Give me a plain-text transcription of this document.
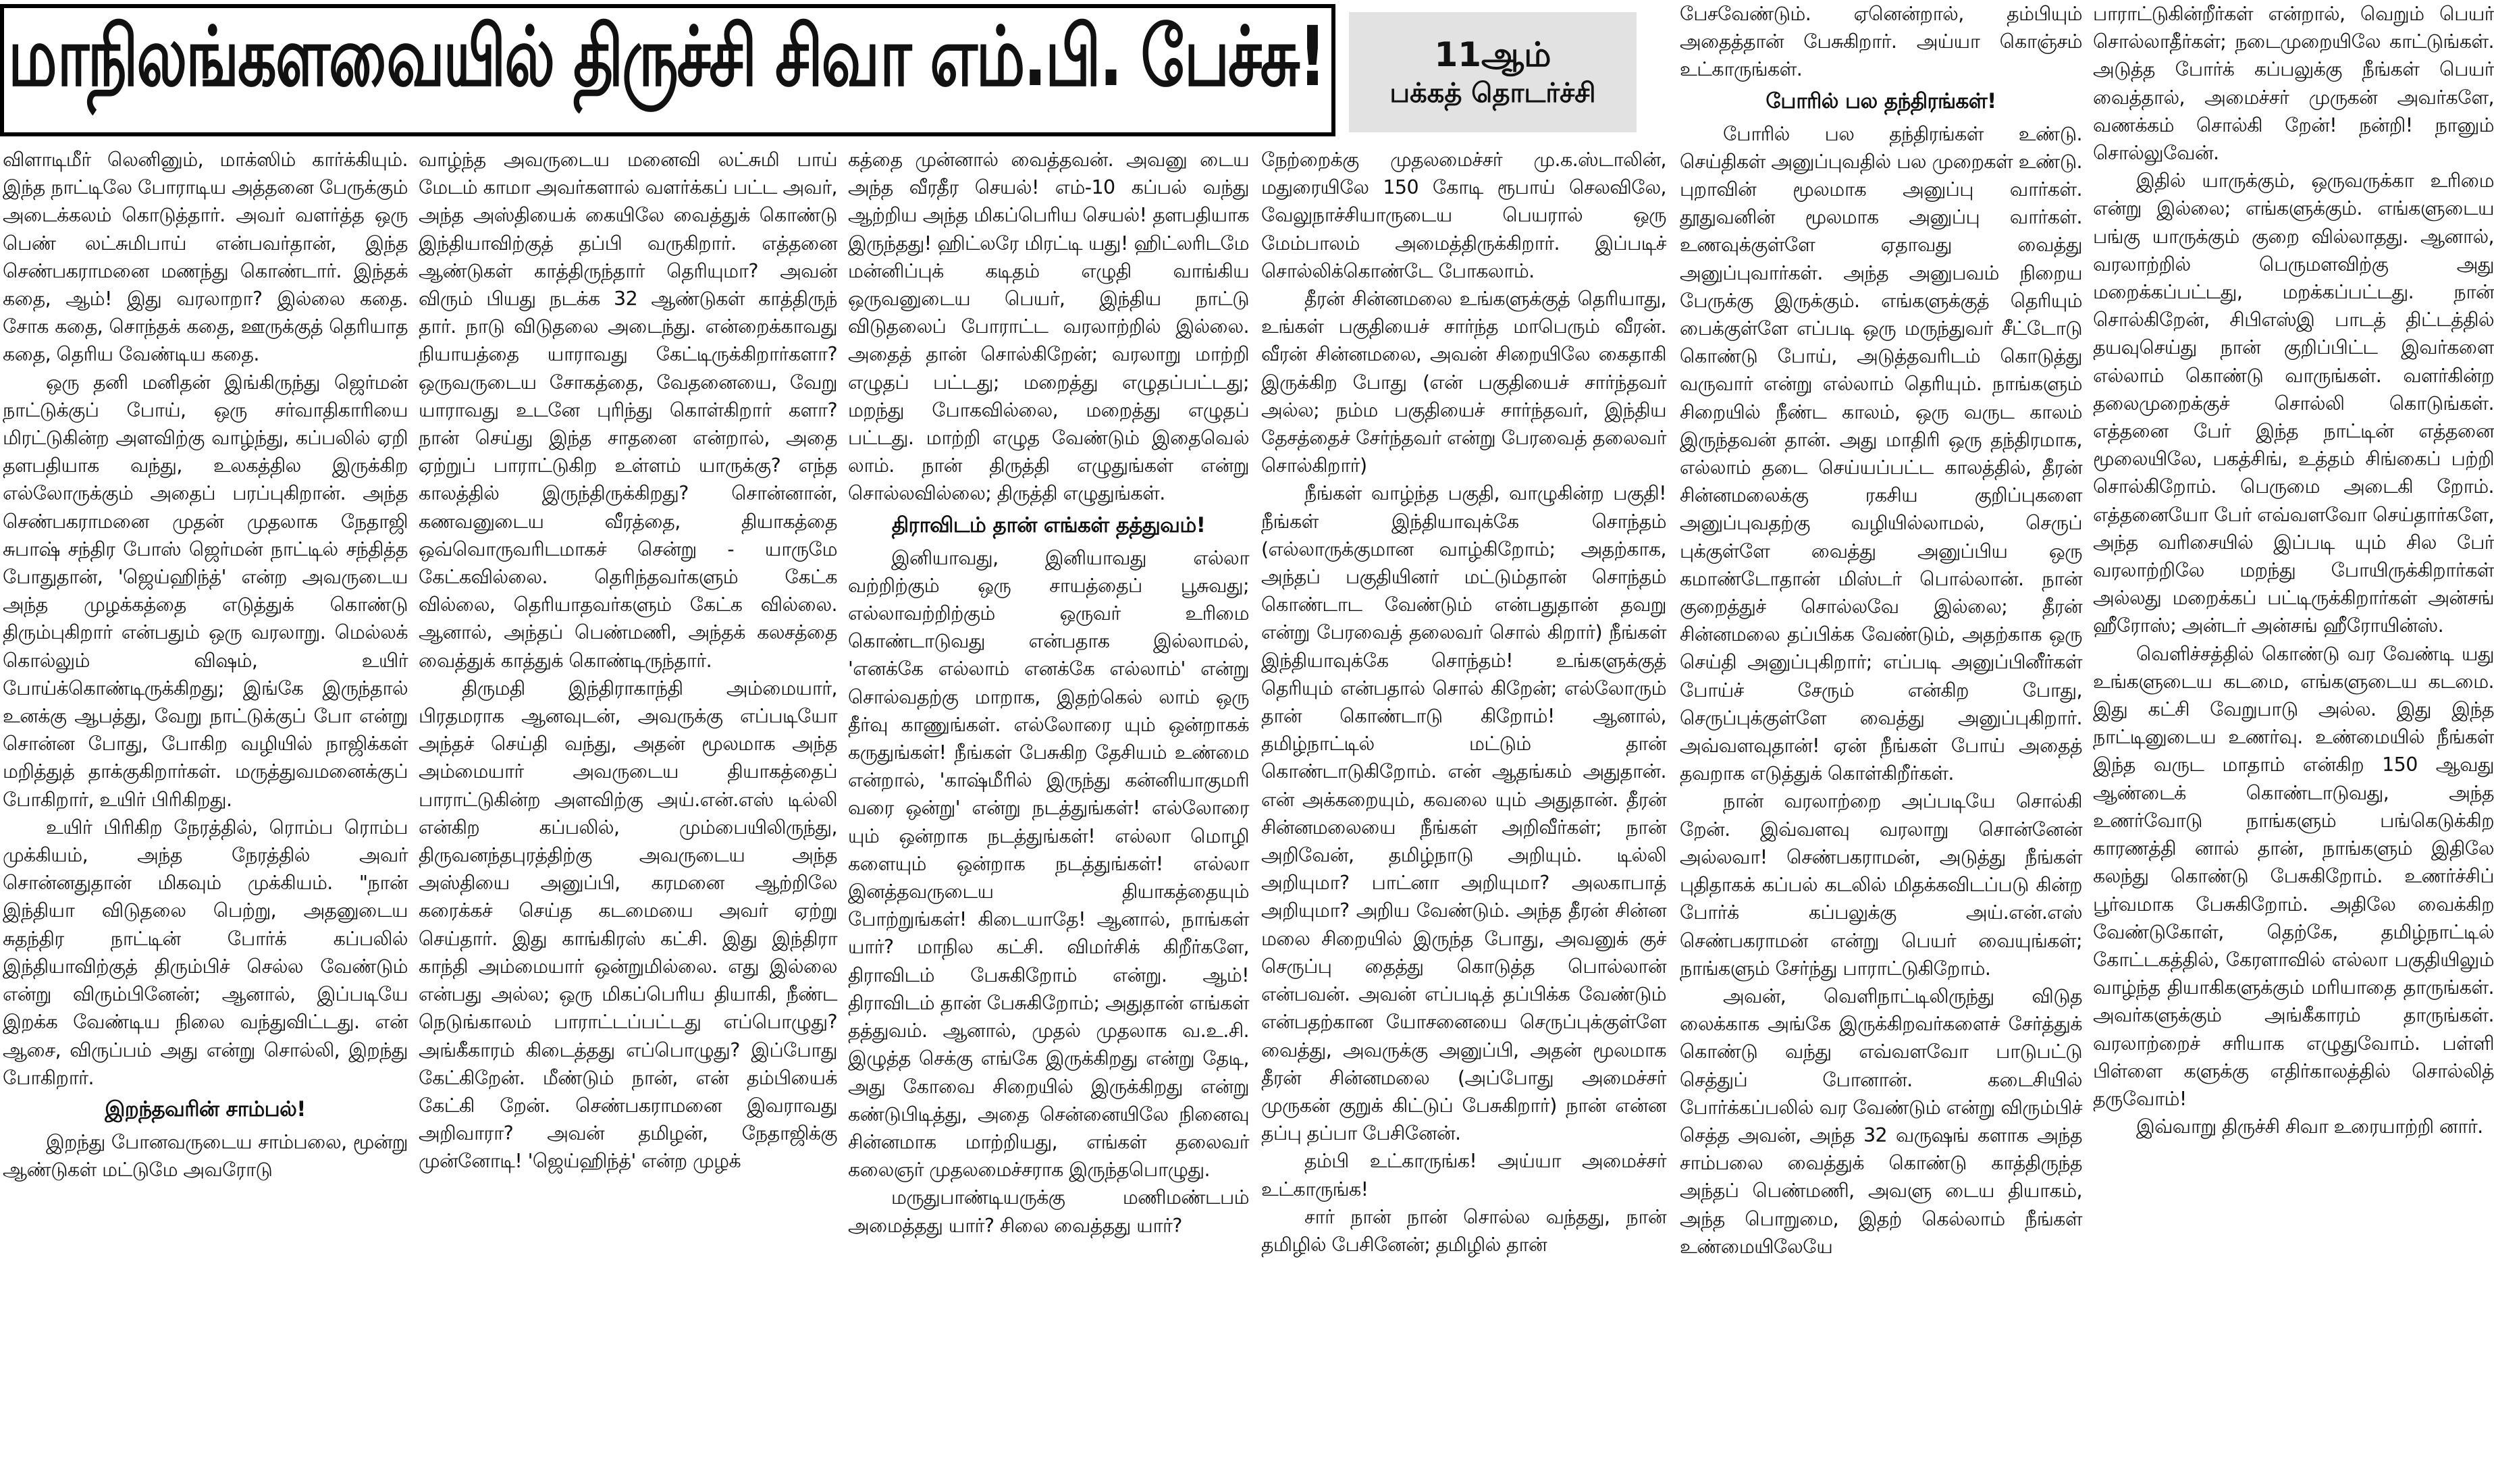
மாநிலங்களவையில் திருச்சி சிவா எம்.பி. பேச்சு!	11ஆம்
பக்கத் தொடர்ச்சி

விளாடிமீர் லெனினும், மாக்ஸிம் கார்க்கியும். இந்த நாட்டிலே போராடிய அத்தனை பேருக்கும் அடைக்கலம் கொடுத்தார். அவர் வளர்த்த ஒரு பெண் லட்சுமிபாய் என்பவர்தான், இந்த செண்பகராமனை மணந்து கொண்டார். இந்தக் கதை, ஆம்! இது வரலாறா? இல்லை கதை. சோக கதை, சொந்தக் கதை, ஊருக்குத் தெரியாத கதை, தெரிய வேண்டிய கதை.

ஒரு தனி மனிதன் இங்கிருந்து ஜெர்மன் நாட்டுக்குப் போய், ஒரு சர்வாதிகாரியை மிரட்டுகின்ற அளவிற்கு வாழ்ந்து, கப்பலில் ஏறி தளபதியாக வந்து, உலகத்தில இருக்கிற எல்லோருக்கும் அதைப் பரப்புகிறான். அந்த செண்பகராமனை முதன் முதலாக நேதாஜி சுபாஷ் சந்திர போஸ் ஜெர்மன் நாட்டில் சந்தித்த போதுதான், 'ஜெய்ஹிந்த்' என்ற அவருடைய அந்த முழக்கத்தை எடுத்துக் கொண்டு திரும்புகிறார் என்பதும் ஒரு வரலாறு. மெல்லக் கொல்லும் விஷம், உயிர் போய்க்கொண்டிருக்கிறது; இங்கே இருந்தால் உனக்கு ஆபத்து, வேறு நாட்டுக்குப் போ என்று சொன்ன போது, போகிற வழியில் நாஜிக்கள் மறித்துத் தாக்குகிறார்கள். மருத்துவமனைக்குப் போகிறார், உயிர் பிரிகிறது.

உயிர் பிரிகிற நேரத்தில், ரொம்ப ரொம்ப முக்கியம், அந்த நேரத்தில் அவர் சொன்னதுதான் மிகவும் முக்கியம். "நான் இந்தியா விடுதலை பெற்று, அதனுடைய சுதந்திர நாட்டின் போர்க் கப்பலில் இந்தியாவிற்குத் திரும்பிச் செல்ல வேண்டும் என்று விரும்பினேன்; ஆனால், இப்படியே இறக்க வேண்டிய நிலை வந்துவிட்டது. என் ஆசை, விருப்பம் அது என்று சொல்லி, இறந்து போகிறார்.

இறந்தவரின் சாம்பல்!

இறந்து போனவருடைய சாம்பலை, மூன்று ஆண்டுகள் மட்டுமே அவரோடு

வாழ்ந்த அவருடைய மனைவி லட்சுமி பாய் மேடம் காமா அவர்களால் வளர்க்கப் பட்ட அவர், அந்த அஸ்தியைக் கையிலே வைத்துக் கொண்டு இந்தியாவிற்குத் தப்பி வருகிறார். எத்தனை ஆண்டுகள் காத்திருந்தார் தெரியுமா? அவன் விரும் பியது நடக்க 32 ஆண்டுகள் காத்திருந் தார். நாடு விடுதலை அடைந்து. என்றைக்காவது நியாயத்தை யாராவது கேட்டிருக்கிறார்களா? ஒருவருடைய சோகத்தை, வேதனையை, வேறு யாராவது உடனே புரிந்து கொள்கிறார் களா? நான் செய்து இந்த சாதனை என்றால், அதை ஏற்றுப் பாராட்டுகிற உள்ளம் யாருக்கு? எந்த காலத்தில் இருந்திருக்கிறது? சொன்னான், கணவனுடைய வீரத்தை, தியாகத்தை ஒவ்வொருவரிடமாகச் சென்று - யாருமே கேட்கவில்லை. தெரிந்தவர்களும் கேட்க வில்லை, தெரியாதவர்களும் கேட்க வில்லை. ஆனால், அந்தப் பெண்மணி, அந்தக் கலசத்தை வைத்துக் காத்துக் கொண்டிருந்தார்.

திருமதி இந்திராகாந்தி அம்மையார், பிரதமராக ஆனவுடன், அவருக்கு எப்படியோ அந்தச் செய்தி வந்து, அதன் மூலமாக அந்த அம்மையார் அவருடைய தியாகத்தைப் பாராட்டுகின்ற அளவிற்கு அய்.என்.எஸ் டில்லி என்கிற கப்பலில், மும்பையிலிருந்து, திருவனந்தபுரத்திற்கு அவருடைய அந்த அஸ்தியை அனுப்பி, கரமனை ஆற்றிலே கரைக்கச் செய்த கடமையை அவர் ஏற்று செய்தார். இது காங்கிரஸ் கட்சி. இது இந்திரா காந்தி அம்மையார் ஒன்றுமில்லை. எது இல்லை என்பது அல்ல; ஒரு மிகப்பெரிய தியாகி, நீண்ட நெடுங்காலம் பாராட்டப்பட்டது எப்பொழுது? அங்கீகாரம் கிடைத்தது எப்பொழுது? இப்போது கேட்கிறேன். மீண்டும் நான், என் தம்பியைக் கேட்கி றேன். செண்பகராமனை இவராவது அறிவாரா? அவன் தமிழன், நேதாஜிக்கு முன்னோடி! 'ஜெய்ஹிந்த்' என்ற முழக்

கத்தை முன்னால் வைத்தவன். அவனு டைய அந்த வீரதீர செயல்! எம்-10 கப்பல் வந்து ஆற்றிய அந்த மிகப்பெரிய செயல்! தளபதியாக இருந்தது! ஹிட்லரே மிரட்டி யது! ஹிட்லரிடமே மன்னிப்புக் கடிதம் எழுதி வாங்கிய ஒருவனுடைய பெயர், இந்திய நாட்டு விடுதலைப் போராட்ட வரலாற்றில் இல்லை. அதைத் தான் சொல்கிறேன்; வரலாறு மாற்றி எழுதப் பட்டது; மறைத்து எழுதப்பட்டது; மறந்து போகவில்லை, மறைத்து எழுதப் பட்டது. மாற்றி எழுத வேண்டும் இதைவெல் லாம். நான் திருத்தி எழுதுங்கள் என்று சொல்லவில்லை; திருத்தி எழுதுங்கள்.

திராவிடம் தான் எங்கள் தத்துவம்!

இனியாவது, இனியாவது எல்லா வற்றிற்கும் ஒரு சாயத்தைப் பூசுவது; எல்லாவற்றிற்கும் ஒருவர் உரிமை கொண்டாடுவது என்பதாக இல்லாமல், 'எனக்கே எல்லாம் எனக்கே எல்லாம்' என்று சொல்வதற்கு மாறாக, இதற்கெல் லாம் ஒரு தீர்வு காணுங்கள். எல்லோரை யும் ஒன்றாகக் கருதுங்கள்! நீங்கள் பேசுகிற தேசியம் உண்மை என்றால், 'காஷ்மீரில் இருந்து கன்னியாகுமரி வரை ஒன்று' என்று நடத்துங்கள்! எல்லோரை யும் ஒன்றாக நடத்துங்கள்! எல்லா மொழி களையும் ஒன்றாக நடத்துங்கள்! எல்லா இனத்தவருடைய தியாகத்தையும் போற்றுங்கள்! கிடையாதே! ஆனால், நாங்கள் யார்? மாநில கட்சி. விமர்சிக் கிறீர்களே, திராவிடம் பேசுகிறோம் என்று. ஆம்! திராவிடம் தான் பேசுகிறோம்; அதுதான் எங்கள் தத்துவம். ஆனால், முதல் முதலாக வ.உ.சி. இழுத்த செக்கு எங்கே இருக்கிறது என்று தேடி, அது கோவை சிறையில் இருக்கிறது என்று கண்டுபிடித்து, அதை சென்னையிலே நினைவு சின்னமாக மாற்றியது, எங்கள் தலைவர் கலைஞர் முதலமைச்சராக இருந்தபொழுது.

மருதுபாண்டியருக்கு மணிமண்டபம் அமைத்தது யார்? சிலை வைத்தது யார்?

நேற்றைக்கு முதலமைச்சர் மு.க.ஸ்டாலின், மதுரையிலே 150 கோடி ரூபாய் செலவிலே, வேலுநாச்சியாருடைய பெயரால் ஒரு மேம்பாலம் அமைத்திருக்கிறார். இப்படிச் சொல்லிக்கொண்டே போகலாம்.

தீரன் சின்னமலை உங்களுக்குத் தெரியாது, உங்கள் பகுதியைச் சார்ந்த மாபெரும் வீரன். வீரன் சின்னமலை, அவன் சிறையிலே கைதாகி இருக்கிற போது (என் பகுதியைச் சார்ந்தவர் அல்ல; நம்ம பகுதியைச் சார்ந்தவர், இந்திய தேசத்தைச் சேர்ந்தவர் என்று பேரவைத் தலைவர் சொல்கிறார்)

நீங்கள் வாழ்ந்த பகுதி, வாழுகின்ற பகுதி! நீங்கள் இந்தியாவுக்கே சொந்தம் (எல்லாருக்குமான வாழ்கிறோம்; அதற்காக, அந்தப் பகுதியினர் மட்டும்தான் சொந்தம் கொண்டாட வேண்டும் என்பதுதான் தவறு என்று பேரவைத் தலைவர் சொல் கிறார்) நீங்கள் இந்தியாவுக்கே சொந்தம்! உங்களுக்குத் தெரியும் என்பதால் சொல் கிறேன்; எல்லோரும் தான் கொண்டாடு கிறோம்! ஆனால், தமிழ்நாட்டில் மட்டும் தான் கொண்டாடுகிறோம். என் ஆதங்கம் அதுதான். என் அக்கறையும், கவலை யும் அதுதான். தீரன் சின்னமலையை நீங்கள் அறிவீர்கள்; நான் அறிவேன், தமிழ்நாடு அறியும். டில்லி அறியுமா? பாட்னா அறியுமா? அலகாபாத் அறியுமா? அறிய வேண்டும். அந்த தீரன் சின்ன மலை சிறையில் இருந்த போது, அவனுக் குச் செருப்பு தைத்து கொடுத்த பொல்லான் என்பவன். அவன் எப்படித் தப்பிக்க வேண்டும் என்பதற்கான யோசனையை செருப்புக்குள்ளே வைத்து, அவருக்கு அனுப்பி, அதன் மூலமாக தீரன் சின்னமலை (அப்போது அமைச்சர் முருகன் குறுக் கிட்டுப் பேசுகிறார்) நான் என்ன தப்பு தப்பா பேசினேன்.

தம்பி உட்காருங்க! அய்யா அமைச்சர் உட்காருங்க!

சார் நான் நான் சொல்ல வந்தது, நான் தமிழில் பேசினேன்; தமிழில் தான்

பேசவேண்டும். ஏனென்றால், தம்பியும் அதைத்தான் பேசுகிறார். அய்யா கொஞ்சம் உட்காருங்கள்.

போரில் பல தந்திரங்கள்!

போரில் பல தந்திரங்கள் உண்டு. செய்திகள் அனுப்புவதில் பல முறைகள் உண்டு. புறாவின் மூலமாக அனுப்பு வார்கள். தூதுவனின் மூலமாக அனுப்பு வார்கள். உணவுக்குள்ளே ஏதாவது வைத்து அனுப்புவார்கள். அந்த அனுபவம் நிறைய பேருக்கு இருக்கும். எங்களுக்குத் தெரியும் பைக்குள்ளே எப்படி ஒரு மருந்துவர் சீட்டோடு கொண்டு போய், அடுத்தவரிடம் கொடுத்து வருவார் என்று எல்லாம் தெரியும். நாங்களும் சிறையில் நீண்ட காலம், ஒரு வருட காலம் இருந்தவன் தான். அது மாதிரி ஒரு தந்திரமாக, எல்லாம் தடை செய்யப்பட்ட காலத்தில், தீரன் சின்னமலைக்கு ரகசிய குறிப்புகளை அனுப்புவதற்கு வழியில்லாமல், செருப் புக்குள்ளே வைத்து அனுப்பிய ஒரு கமாண்டோதான் மிஸ்டர் பொல்லான். நான் குறைத்துச் சொல்லவே இல்லை; தீரன் சின்னமலை தப்பிக்க வேண்டும், அதற்காக ஒரு செய்தி அனுப்புகிறார்; எப்படி அனுப்பினீர்கள் போய்ச் சேரும் என்கிற போது, செருப்புக்குள்ளே வைத்து அனுப்புகிறார். அவ்வளவுதான்! ஏன் நீங்கள் போய் அதைத் தவறாக எடுத்துக் கொள்கிறீர்கள்.

நான் வரலாற்றை அப்படியே சொல்கி றேன். இவ்வளவு வரலாறு சொன்னேன் அல்லவா! செண்பகராமன், அடுத்து நீங்கள் புதிதாகக் கப்பல் கடலில் மிதக்கவிடப்படு கின்ற போர்க் கப்பலுக்கு அய்.என்.எஸ் செண்பகராமன் என்று பெயர் வையுங்கள்; நாங்களும் சேர்ந்து பாராட்டுகிறோம்.

அவன், வெளிநாட்டிலிருந்து விடுத லைக்காக அங்கே இருக்கிறவர்களைச் சேர்த்துக் கொண்டு வந்து எவ்வளவோ பாடுபட்டு செத்துப் போனான். கடைசியில் போர்க்கப்பலில் வர வேண்டும் என்று விரும்பிச் செத்த அவன், அந்த 32 வருஷங் களாக அந்த சாம்பலை வைத்துக் கொண்டு காத்திருந்த அந்தப் பெண்மணி, அவளு டைய தியாகம், அந்த பொறுமை, இதற் கெல்லாம் நீங்கள் உண்மையிலேயே

பாராட்டுகின்றீர்கள் என்றால், வெறும் பெயர் சொல்லாதீர்கள்; நடைமுறையிலே காட்டுங்கள். அடுத்த போர்க் கப்பலுக்கு நீங்கள் பெயர் வைத்தால், அமைச்சர் முருகன் அவர்களே, வணக்கம் சொல்கி றேன்! நன்றி! நானும் சொல்லுவேன்.

இதில் யாருக்கும், ஒருவருக்கா உரிமை என்று இல்லை; எங்களுக்கும். எங்களுடைய பங்கு யாருக்கும் குறை வில்லாதது. ஆனால், வரலாற்றில் பெருமளவிற்கு அது மறைக்கப்பட்டது, மறக்கப்பட்டது. நான் சொல்கிறேன், சிபிஎஸ்இ பாடத் திட்டத்தில் தயவுசெய்து நான் குறிப்பிட்ட இவர்களை எல்லாம் கொண்டு வாருங்கள். வளர்கின்ற தலைமுறைக்குச் சொல்லி கொடுங்கள். எத்தனை பேர் இந்த நாட்டின் எத்தனை மூலையிலே, பகத்சிங், உத்தம் சிங்கைப் பற்றி சொல்கிறோம். பெருமை அடைகி றோம். எத்தனையோ பேர் எவ்வளவோ செய்தார்களே, அந்த வரிசையில் இப்படி யும் சில பேர் வரலாற்றிலே மறந்து போயிருக்கிறார்கள் அல்லது மறைக்கப் பட்டிருக்கிறார்கள் அன்சங் ஹீரோஸ்; அன்டர் அன்சங் ஹீரோயின்ஸ்.

வெளிச்சத்தில் கொண்டு வர வேண்டி யது உங்களுடைய கடமை, எங்களுடைய கடமை. இது கட்சி வேறுபாடு அல்ல. இது இந்த நாட்டினுடைய உணர்வு. உண்மையில் நீங்கள் இந்த வருட மாதாம் என்கிற 150 ஆவது ஆண்டைக் கொண்டாடுவது, அந்த உணர்வோடு நாங்களும் பங்கெடுக்கிற காரணத்தி னால் தான், நாங்களும் இதிலே கலந்து கொண்டு பேசுகிறோம். உணர்ச்சிப் பூர்வமாக பேசுகிறோம். அதிலே வைக்கிற வேண்டுகோள், தெற்கே, தமிழ்நாட்டில் கோட்டகத்தில், கேரளாவில் எல்லா பகுதியிலும் வாழ்ந்த தியாகிகளுக்கும் மரியாதை தாருங்கள். அவர்களுக்கும் அங்கீகாரம் தாருங்கள். வரலாற்றைச் சரியாக எழுதுவோம். பள்ளி பிள்ளை களுக்கு எதிர்காலத்தில் சொல்லித் தருவோம்!

இவ்வாறு திருச்சி சிவா உரையாற்றி னார்.
